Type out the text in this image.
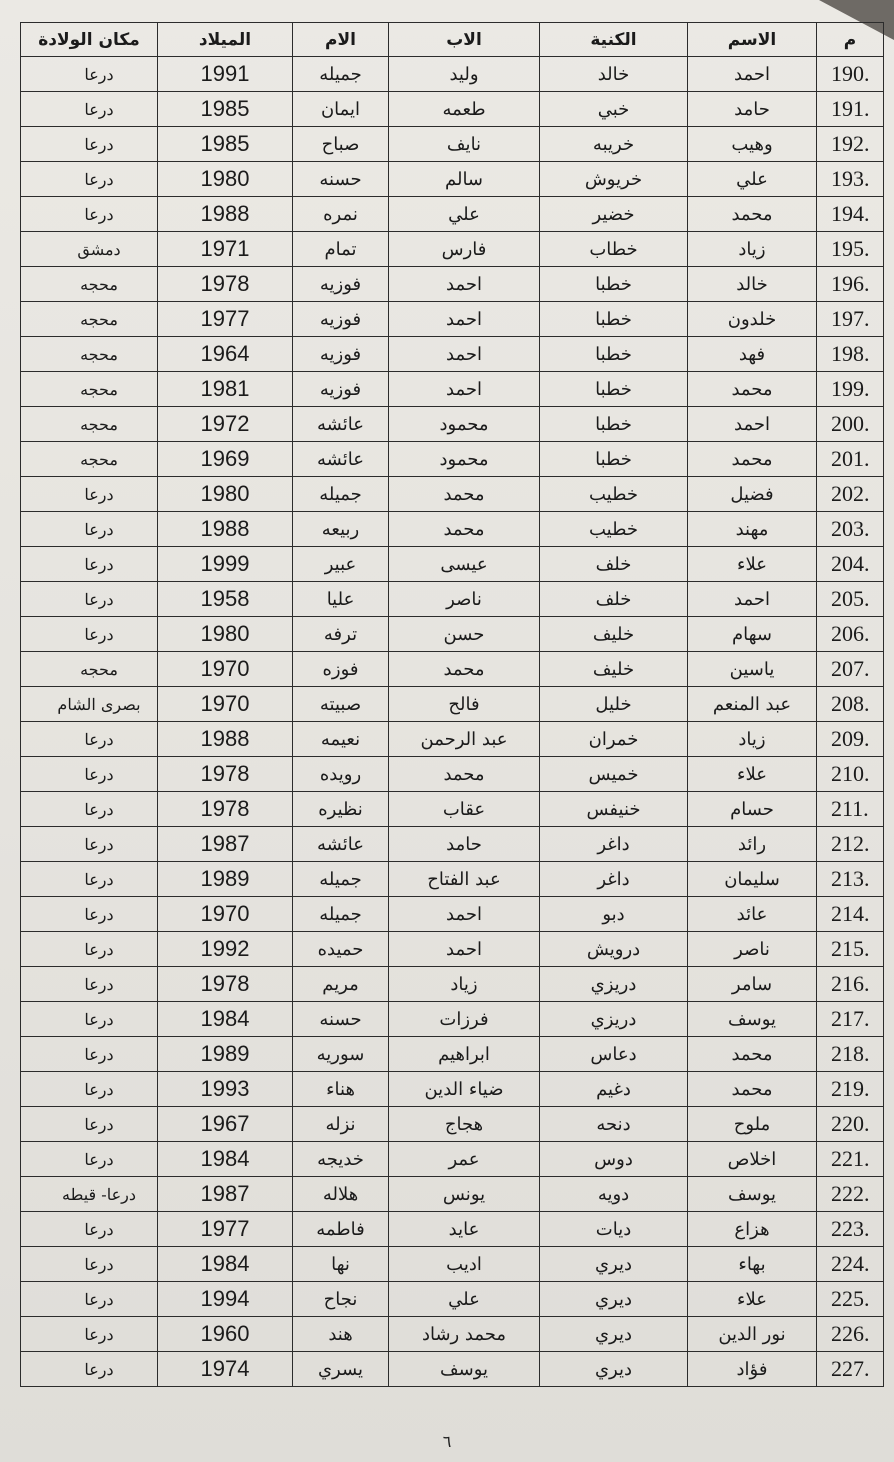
م	الاسم	الكنية	الاب	الام	الميلاد	مكان الولادة
190.	احمد	خالد	وليد	جميله	1991	درعا
191.	حامد	خبي	طعمه	ايمان	1985	درعا
192.	وهيب	خريبه	نايف	صباح	1985	درعا
193.	علي	خريوش	سالم	حسنه	1980	درعا
194.	محمد	خضير	علي	نمره	1988	درعا
195.	زياد	خطاب	فارس	تمام	1971	دمشق
196.	خالد	خطبا	احمد	فوزيه	1978	محجه
197.	خلدون	خطبا	احمد	فوزيه	1977	محجه
198.	فهد	خطبا	احمد	فوزيه	1964	محجه
199.	محمد	خطبا	احمد	فوزيه	1981	محجه
200.	احمد	خطبا	محمود	عائشه	1972	محجه
201.	محمد	خطبا	محمود	عائشه	1969	محجه
202.	فضيل	خطيب	محمد	جميله	1980	درعا
203.	مهند	خطيب	محمد	ربيعه	1988	درعا
204.	علاء	خلف	عيسى	عبير	1999	درعا
205.	احمد	خلف	ناصر	عليا	1958	درعا
206.	سهام	خليف	حسن	ترفه	1980	درعا
207.	ياسين	خليف	محمد	فوزه	1970	محجه
208.	عبد المنعم	خليل	فالح	صبيته	1970	بصرى الشام
209.	زياد	خمران	عبد الرحمن	نعيمه	1988	درعا
210.	علاء	خميس	محمد	رويده	1978	درعا
211.	حسام	خنيفس	عقاب	نظيره	1978	درعا
212.	رائد	داغر	حامد	عائشه	1987	درعا
213.	سليمان	داغر	عبد الفتاح	جميله	1989	درعا
214.	عائد	دبو	احمد	جميله	1970	درعا
215.	ناصر	درويش	احمد	حميده	1992	درعا
216.	سامر	دريزي	زياد	مريم	1978	درعا
217.	يوسف	دريزي	فرزات	حسنه	1984	درعا
218.	محمد	دعاس	ابراهيم	سوريه	1989	درعا
219.	محمد	دغيم	ضياء الدين	هناء	1993	درعا
220.	ملوح	دنحه	هجاج	نزله	1967	درعا
221.	اخلاص	دوس	عمر	خديجه	1984	درعا
222.	يوسف	دويه	يونس	هلاله	1987	درعا- قيطه
223.	هزاع	ديات	عايد	فاطمه	1977	درعا
224.	بهاء	ديري	اديب	نها	1984	درعا
225.	علاء	ديري	علي	نجاح	1994	درعا
226.	نور الدين	ديري	محمد رشاد	هند	1960	درعا
227.	فؤاد	ديري	يوسف	يسري	1974	درعا
٦
